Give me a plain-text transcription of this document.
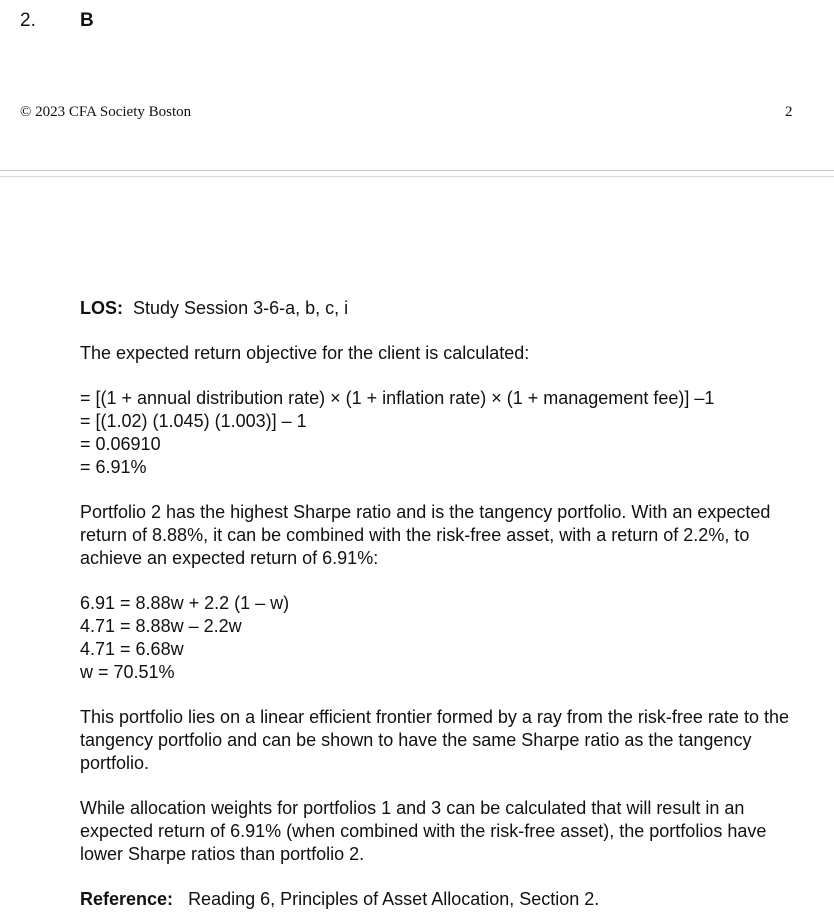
2. B
© 2023 CFA Society Boston	2

LOS: Study Session 3-6-a, b, c, i

The expected return objective for the client is calculated:

= [(1 + annual distribution rate) × (1 + inflation rate) × (1 + management fee)] –1

= [(1.02) (1.045) (1.003)] – 1

= 0.06910

= 6.91%

Portfolio 2 has the highest Sharpe ratio and is the tangency portfolio. With an expected return of 8.88%, it can be combined with the risk-free asset, with a return of 2.2%, to achieve an expected return of 6.91%:

6.91 = 8.88w + 2.2 (1 – w)

4.71 = 8.88w – 2.2w

4.71 = 6.68w

w = 70.51%

This portfolio lies on a linear efficient frontier formed by a ray from the risk-free rate to the tangency portfolio and can be shown to have the same Sharpe ratio as the tangency portfolio.

While allocation weights for portfolios 1 and 3 can be calculated that will result in an expected return of 6.91% (when combined with the risk-free asset), the portfolios have lower Sharpe ratios than portfolio 2.

Reference: Reading 6, Principles of Asset Allocation, Section 2.
